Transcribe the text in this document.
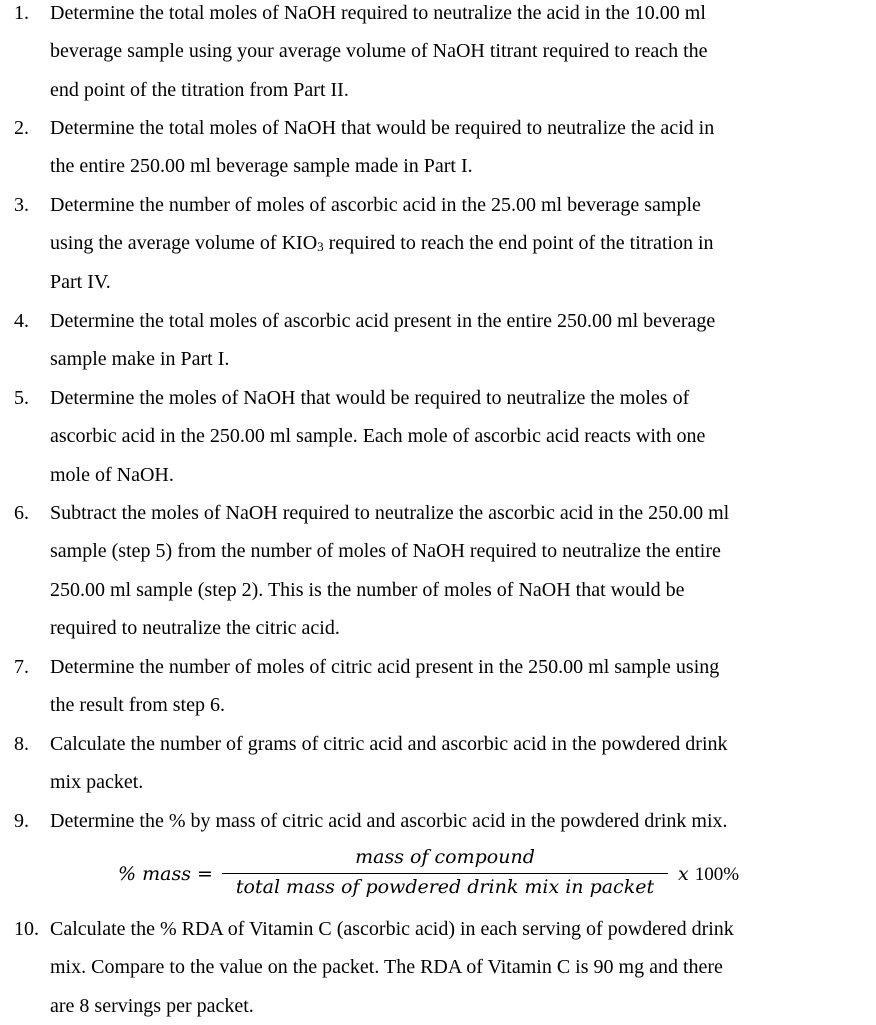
1. Determine the total moles of NaOH required to neutralize the acid in the 10.00 ml
beverage sample using your average volume of NaOH titrant required to reach the
end point of the titration from Part II.
2. Determine the total moles of NaOH that would be required to neutralize the acid in
the entire 250.00 ml beverage sample made in Part I.
3. Determine the number of moles of ascorbic acid in the 25.00 ml beverage sample
using the average volume of $KIO_3$ required to reach the end point of the titration in
Part IV.
4. Determine the total moles of ascorbic acid present in the entire 250.00 ml beverage
sample make in Part I.
5. Determine the moles of NaOH that would be required to neutralize the moles of
ascorbic acid in the 250.00 ml sample. Each mole of ascorbic acid reacts with one
mole of NaOH.
6. Subtract the moles of NaOH required to neutralize the ascorbic acid in the 250.00 ml
sample (step 5) from the number of moles of NaOH required to neutralize the entire
250.00 ml sample (step 2). This is the number of moles of NaOH that would be
required to neutralize the citric acid.
7. Determine the number of moles of citric acid present in the 250.00 ml sample using
the result from step 6.
8. Calculate the number of grams of citric acid and ascorbic acid in the powdered drink
mix packet.
9. Determine the % by mass of citric acid and ascorbic acid in the powdered drink mix.
% mass =
mass of compound
total mass of powdered drink mix in packet
x 100%
10. Calculate the % RDA of Vitamin C (ascorbic acid) in each serving of powdered drink
mix. Compare to the value on the packet. The RDA of Vitamin C is 90 mg and there
are 8 servings per packet.
